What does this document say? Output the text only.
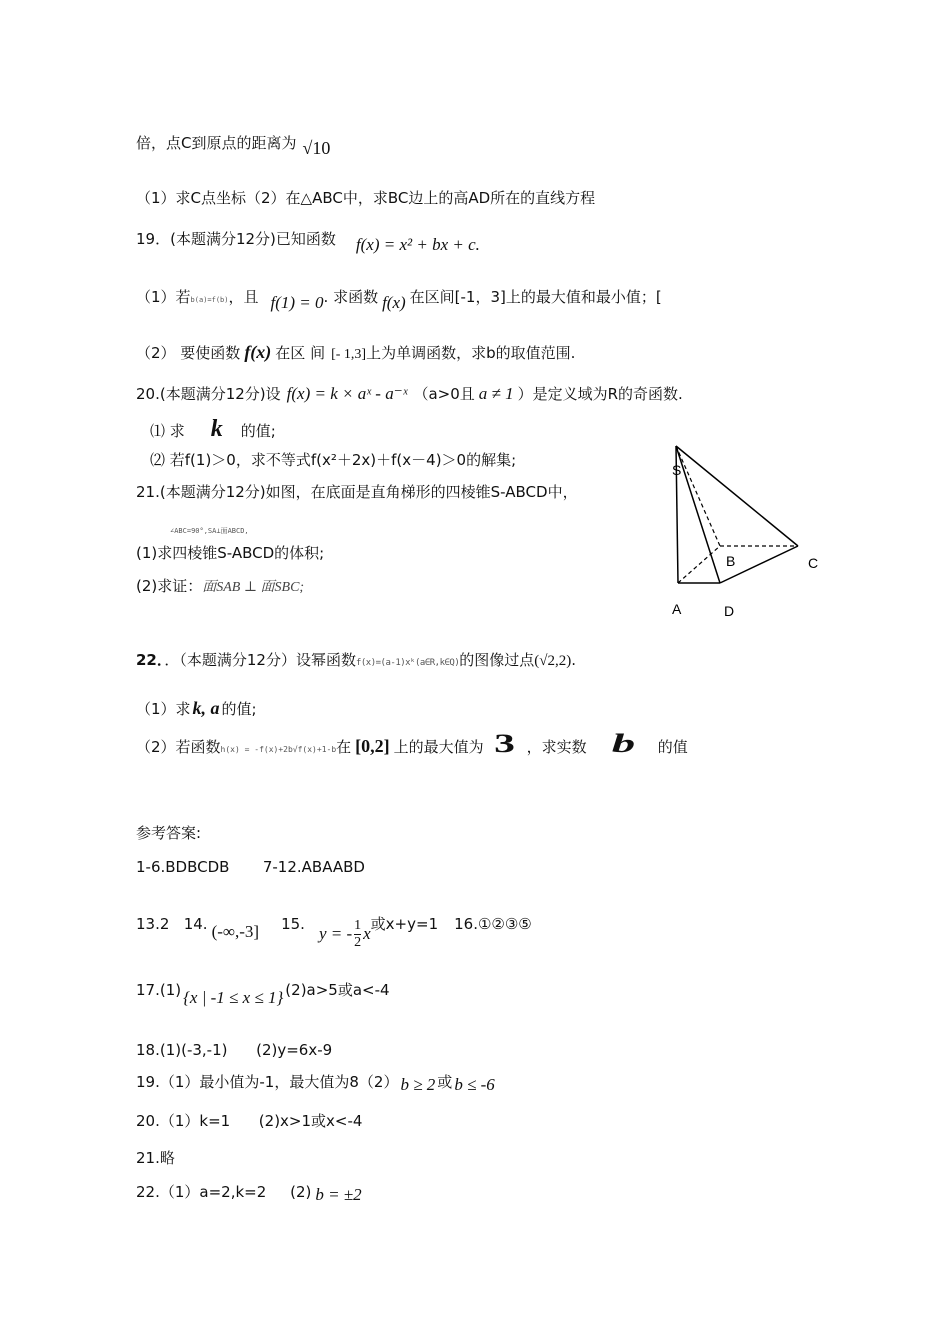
倍，点C到原点的距离为 √10
（1）求C点坐标（2）在△ABC中，求BC边上的高AD所在的直线方程
19．(本题满分12分)已知函数 f(x) = x² + bx + c.
（1）若b(a)=f(b)，且 f(1) = 0. 求函数 f(x) 在区间[-1，3]上的最大值和最小值；[
（2） 要使函数 f(x) 在区 间 [- 1,3]上为单调函数，求b的取值范围.
20.(本题满分12分)设 f(x) = k × aˣ - a⁻ˣ （a>0且 a ≠ 1 ）是定义域为R的奇函数.
⑴ 求 k 的值;
⑵ 若f(1)＞0，求不等式f(x²＋2x)＋f(x－4)＞0的解集;
21.(本题满分12分)如图，在底面是直角梯形的四棱锥S-ABCD中，
∠ABC=90°,SA⊥面ABCD,
(1)求四棱锥S-ABCD的体积;
(2)求证：面SAB ⊥ 面SBC;
S
B	C
A	D
22．．（本题满分12分）设幂函数f(x)=(a-1)xᵏ(a∈R,k∈Q)的图像过点(√2,2).
（1）求 k, a 的值;
（2）若函数h(x) = -f(x)+2b√f(x)+1-b在 [0,2] 上的最大值为 3 ，求实数 b 的值
参考答案:
1-6.BDBCDB       7-12.ABAABD
13.2   14. (-∞,-3] 15. y = - $\frac{1}{2}$ x或x+y=1 16.①②③⑤
17.(1) {x | -1 ≤ x ≤ 1} (2)a>5或a<-4
18.(1)(-3,-1)      (2)y=6x-9
19.（1）最小值为-1，最大值为8（2） b ≥ 2 或 b ≤ -6
20.（1）k=1      (2)x>1或x<-4
21.略
22.（1）a=2,k=2     (2) b = ±2
